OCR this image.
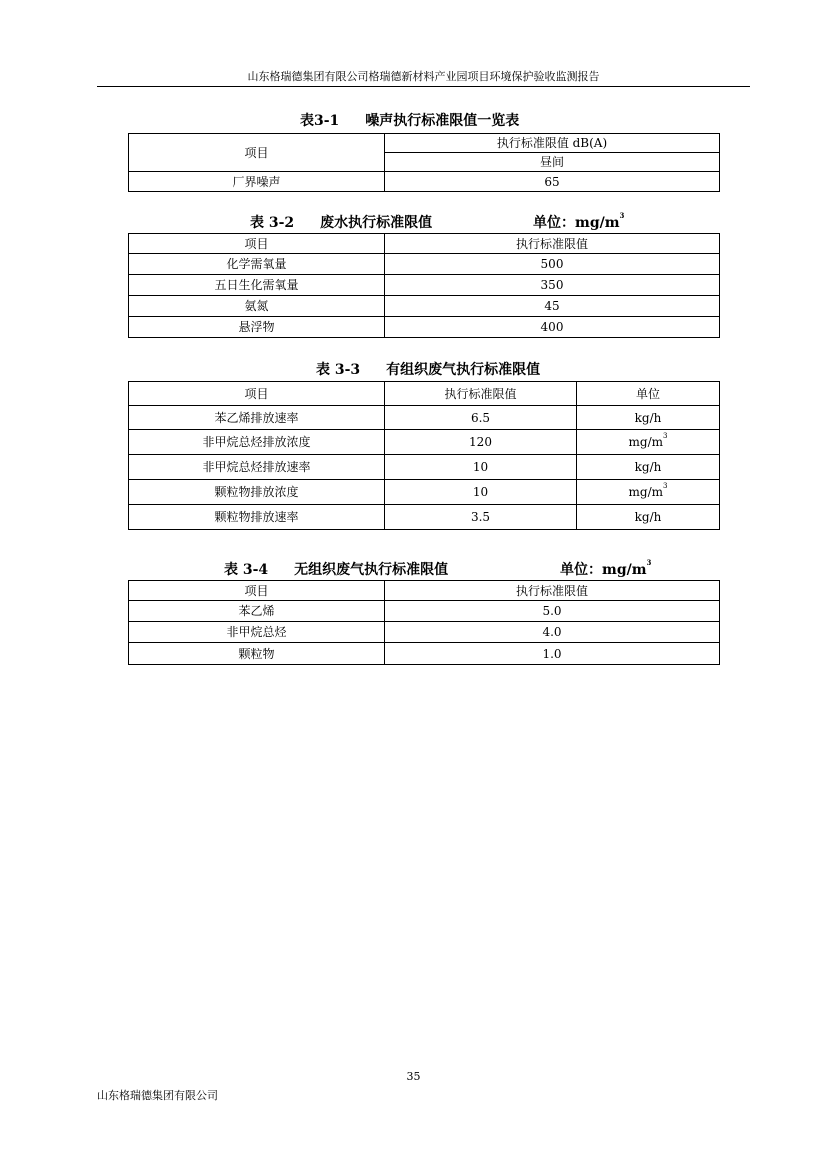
山东格瑞德集团有限公司格瑞德新材料产业园项目环境保护验收监测报告
表3-1 噪声执行标准限值一览表
项目	执行标准限值 dB(A)
	昼间
厂界噪声	65
表 3-2 废水执行标准限值	单位：$mg/m^3$
项目	执行标准限值
化学需氧量	500
五日生化需氧量	350
氨氮	45
悬浮物	400
表 3-3 有组织废气执行标准限值
项目	执行标准限值	单位
苯乙烯排放速率	6.5	kg/h
非甲烷总烃排放浓度	120	$mg/m^3$
非甲烷总烃排放速率	10	kg/h
颗粒物排放浓度	10	$mg/m^3$
颗粒物排放速率	3.5	kg/h
表 3-4 无组织废气执行标准限值	单位：$mg/m^3$
项目	执行标准限值
苯乙烯	5.0
非甲烷总烃	4.0
颗粒物	1.0
35
山东格瑞德集团有限公司
